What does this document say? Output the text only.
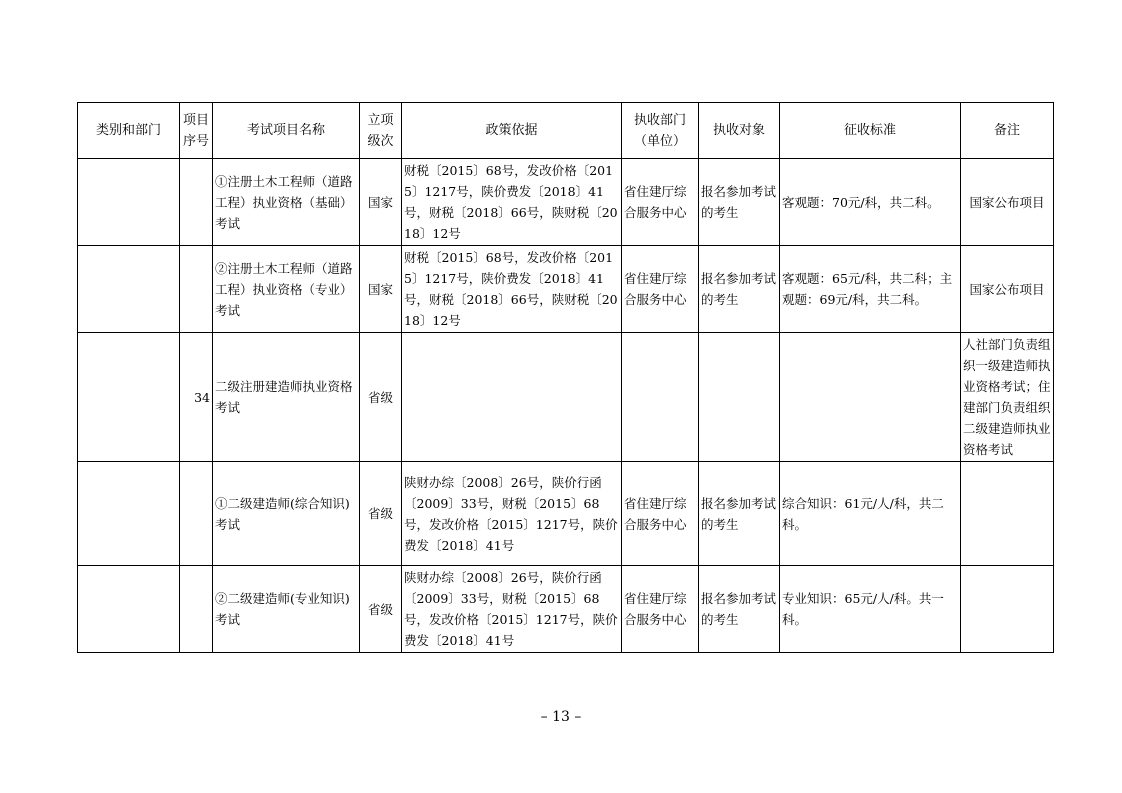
类别和部门	项目序号	考试项目名称	立项级次	政策依据	执收部门（单位）	执收对象	征收标准	备注
		①注册土木工程师（道路工程）执业资格（基础）考试	国家	财税〔2015〕68号，发改价格〔2015〕1217号，陕价费发〔2018〕41号，财税〔2018〕66号，陕财税〔2018〕12号	省住建厅综合服务中心	报名参加考试的考生	客观题：70元/科，共二科。	国家公布项目
		②注册土木工程师（道路工程）执业资格（专业）考试	国家	财税〔2015〕68号，发改价格〔2015〕1217号，陕价费发〔2018〕41号，财税〔2018〕66号，陕财税〔2018〕12号	省住建厅综合服务中心	报名参加考试的考生	客观题：65元/科，共二科；主观题：69元/科，共二科。	国家公布项目
	34	二级注册建造师执业资格考试	省级					人社部门负责组织一级建造师执业资格考试；住建部门负责组织二级建造师执业资格考试
		①二级建造师(综合知识)考试	省级	陕财办综〔2008〕26号，陕价行函〔2009〕33号，财税〔2015〕68号，发改价格〔2015〕1217号，陕价费发〔2018〕41号	省住建厅综合服务中心	报名参加考试的考生	综合知识：61元/人/科，共二科。	
		②二级建造师(专业知识)考试	省级	陕财办综〔2008〕26号，陕价行函〔2009〕33号，财税〔2015〕68号，发改价格〔2015〕1217号，陕价费发〔2018〕41号	省住建厅综合服务中心	报名参加考试的考生	专业知识：65元/人/科。共一科。	
– 13 –
